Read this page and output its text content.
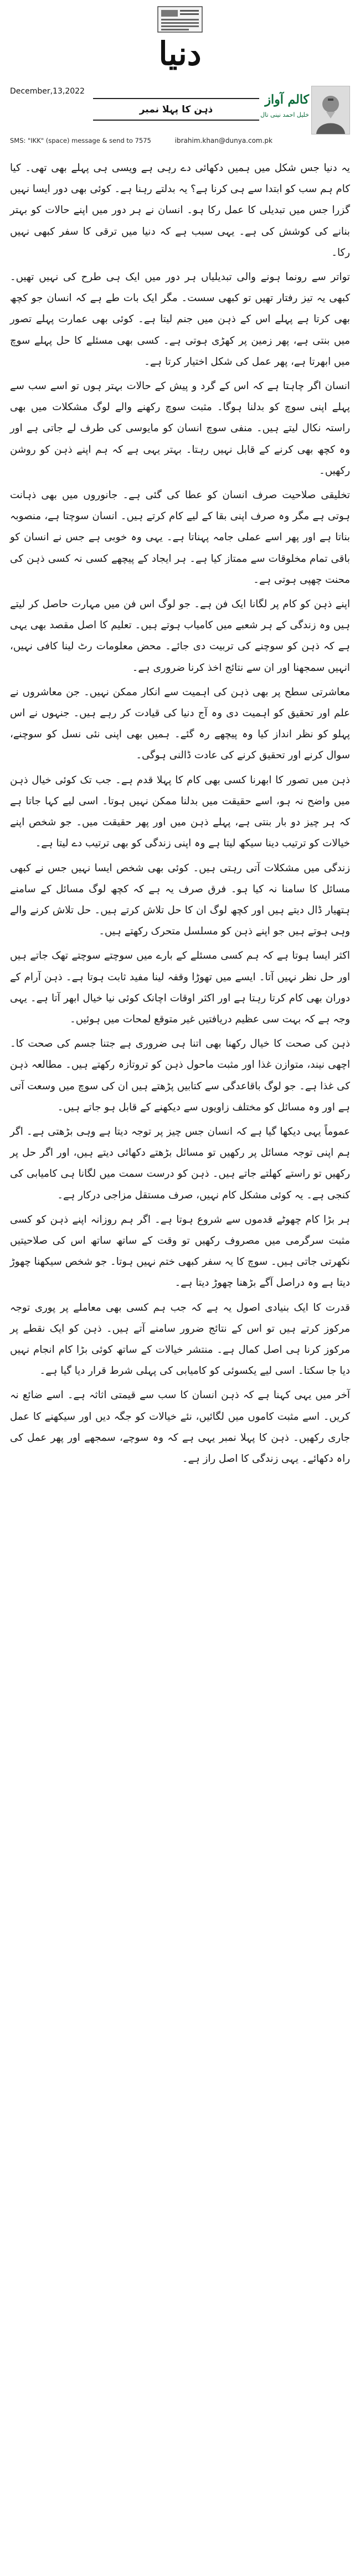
دنیا
December,13,2022
ذہن کا پہلا نمبر
SMS: "IKK" (space) message & send to 7575	ibrahim.khan@dunya.com.pk
کالم آواز
خلیل احمد نینی تال

یہ دنیا جس شکل میں ہمیں دکھائی دے رہی ہے ویسی ہی پہلے بھی تھی۔ کیا کام ہم سب کو ابتدا سے ہی کرنا ہے؟ یہ بدلتے رہنا ہے۔ کوئی بھی دور ایسا نہیں گزرا جس میں تبدیلی کا عمل رکا ہو۔ انسان نے ہر دور میں اپنے حالات کو بہتر بنانے کی کوشش کی ہے۔ یہی سبب ہے کہ دنیا میں ترقی کا سفر کبھی نہیں رکا۔

تواتر سے رونما ہونے والی تبدیلیاں ہر دور میں ایک ہی طرح کی نہیں تھیں۔ کبھی یہ تیز رفتار تھیں تو کبھی سست۔ مگر ایک بات طے ہے کہ انسان جو کچھ بھی کرتا ہے پہلے اس کے ذہن میں جنم لیتا ہے۔ کوئی بھی عمارت پہلے تصور میں بنتی ہے، پھر زمین پر کھڑی ہوتی ہے۔ کسی بھی مسئلے کا حل پہلے سوچ میں ابھرتا ہے، پھر عمل کی شکل اختیار کرتا ہے۔

انسان اگر چاہتا ہے کہ اس کے گرد و پیش کے حالات بہتر ہوں تو اسے سب سے پہلے اپنی سوچ کو بدلنا ہوگا۔ مثبت سوچ رکھنے والے لوگ مشکلات میں بھی راستہ نکال لیتے ہیں۔ منفی سوچ انسان کو مایوسی کی طرف لے جاتی ہے اور وہ کچھ بھی کرنے کے قابل نہیں رہتا۔ بہتر یہی ہے کہ ہم اپنے ذہن کو روشن رکھیں۔

تخلیقی صلاحیت صرف انسان کو عطا کی گئی ہے۔ جانوروں میں بھی ذہانت ہوتی ہے مگر وہ صرف اپنی بقا کے لیے کام کرتے ہیں۔ انسان سوچتا ہے، منصوبہ بناتا ہے اور پھر اسے عملی جامہ پہناتا ہے۔ یہی وہ خوبی ہے جس نے انسان کو باقی تمام مخلوقات سے ممتاز کیا ہے۔ ہر ایجاد کے پیچھے کسی نہ کسی ذہن کی محنت چھپی ہوتی ہے۔

اپنے ذہن کو کام پر لگانا ایک فن ہے۔ جو لوگ اس فن میں مہارت حاصل کر لیتے ہیں وہ زندگی کے ہر شعبے میں کامیاب ہوتے ہیں۔ تعلیم کا اصل مقصد بھی یہی ہے کہ ذہن کو سوچنے کی تربیت دی جائے۔ محض معلومات رٹ لینا کافی نہیں، انہیں سمجھنا اور ان سے نتائج اخذ کرنا ضروری ہے۔

معاشرتی سطح پر بھی ذہن کی اہمیت سے انکار ممکن نہیں۔ جن معاشروں نے علم اور تحقیق کو اہمیت دی وہ آج دنیا کی قیادت کر رہے ہیں۔ جنہوں نے اس پہلو کو نظر انداز کیا وہ پیچھے رہ گئے۔ ہمیں بھی اپنی نئی نسل کو سوچنے، سوال کرنے اور تحقیق کرنے کی عادت ڈالنی ہوگی۔

ذہن میں تصور کا ابھرنا کسی بھی کام کا پہلا قدم ہے۔ جب تک کوئی خیال ذہن میں واضح نہ ہو، اسے حقیقت میں بدلنا ممکن نہیں ہوتا۔ اسی لیے کہا جاتا ہے کہ ہر چیز دو بار بنتی ہے، پہلے ذہن میں اور پھر حقیقت میں۔ جو شخص اپنے خیالات کو ترتیب دینا سیکھ لیتا ہے وہ اپنی زندگی کو بھی ترتیب دے لیتا ہے۔

زندگی میں مشکلات آتی رہتی ہیں۔ کوئی بھی شخص ایسا نہیں جس نے کبھی مسائل کا سامنا نہ کیا ہو۔ فرق صرف یہ ہے کہ کچھ لوگ مسائل کے سامنے ہتھیار ڈال دیتے ہیں اور کچھ لوگ ان کا حل تلاش کرتے ہیں۔ حل تلاش کرنے والے وہی ہوتے ہیں جو اپنے ذہن کو مسلسل متحرک رکھتے ہیں۔

اکثر ایسا ہوتا ہے کہ ہم کسی مسئلے کے بارے میں سوچتے سوچتے تھک جاتے ہیں اور حل نظر نہیں آتا۔ ایسے میں تھوڑا وقفہ لینا مفید ثابت ہوتا ہے۔ ذہن آرام کے دوران بھی کام کرتا رہتا ہے اور اکثر اوقات اچانک کوئی نیا خیال ابھر آتا ہے۔ یہی وجہ ہے کہ بہت سی عظیم دریافتیں غیر متوقع لمحات میں ہوئیں۔

ذہن کی صحت کا خیال رکھنا بھی اتنا ہی ضروری ہے جتنا جسم کی صحت کا۔ اچھی نیند، متوازن غذا اور مثبت ماحول ذہن کو تروتازہ رکھتے ہیں۔ مطالعہ ذہن کی غذا ہے۔ جو لوگ باقاعدگی سے کتابیں پڑھتے ہیں ان کی سوچ میں وسعت آتی ہے اور وہ مسائل کو مختلف زاویوں سے دیکھنے کے قابل ہو جاتے ہیں۔

عموماً یہی دیکھا گیا ہے کہ انسان جس چیز پر توجہ دیتا ہے وہی بڑھتی ہے۔ اگر ہم اپنی توجہ مسائل پر رکھیں تو مسائل بڑھتے دکھائی دیتے ہیں، اور اگر حل پر رکھیں تو راستے کھلتے جاتے ہیں۔ ذہن کو درست سمت میں لگانا ہی کامیابی کی کنجی ہے۔ یہ کوئی مشکل کام نہیں، صرف مستقل مزاجی درکار ہے۔

ہر بڑا کام چھوٹے قدموں سے شروع ہوتا ہے۔ اگر ہم روزانہ اپنے ذہن کو کسی مثبت سرگرمی میں مصروف رکھیں تو وقت کے ساتھ ساتھ اس کی صلاحیتیں نکھرتی جاتی ہیں۔ سوچ کا یہ سفر کبھی ختم نہیں ہوتا۔ جو شخص سیکھنا چھوڑ دیتا ہے وہ دراصل آگے بڑھنا چھوڑ دیتا ہے۔

قدرت کا ایک بنیادی اصول یہ ہے کہ جب ہم کسی بھی معاملے پر پوری توجہ مرکوز کرتے ہیں تو اس کے نتائج ضرور سامنے آتے ہیں۔ ذہن کو ایک نقطے پر مرکوز کرنا ہی اصل کمال ہے۔ منتشر خیالات کے ساتھ کوئی بڑا کام انجام نہیں دیا جا سکتا۔ اسی لیے یکسوئی کو کامیابی کی پہلی شرط قرار دیا گیا ہے۔

آخر میں یہی کہنا ہے کہ ذہن انسان کا سب سے قیمتی اثاثہ ہے۔ اسے ضائع نہ کریں۔ اسے مثبت کاموں میں لگائیں، نئے خیالات کو جگہ دیں اور سیکھنے کا عمل جاری رکھیں۔ ذہن کا پہلا نمبر یہی ہے کہ وہ سوچے، سمجھے اور پھر عمل کی راہ دکھائے۔ یہی زندگی کا اصل راز ہے۔
